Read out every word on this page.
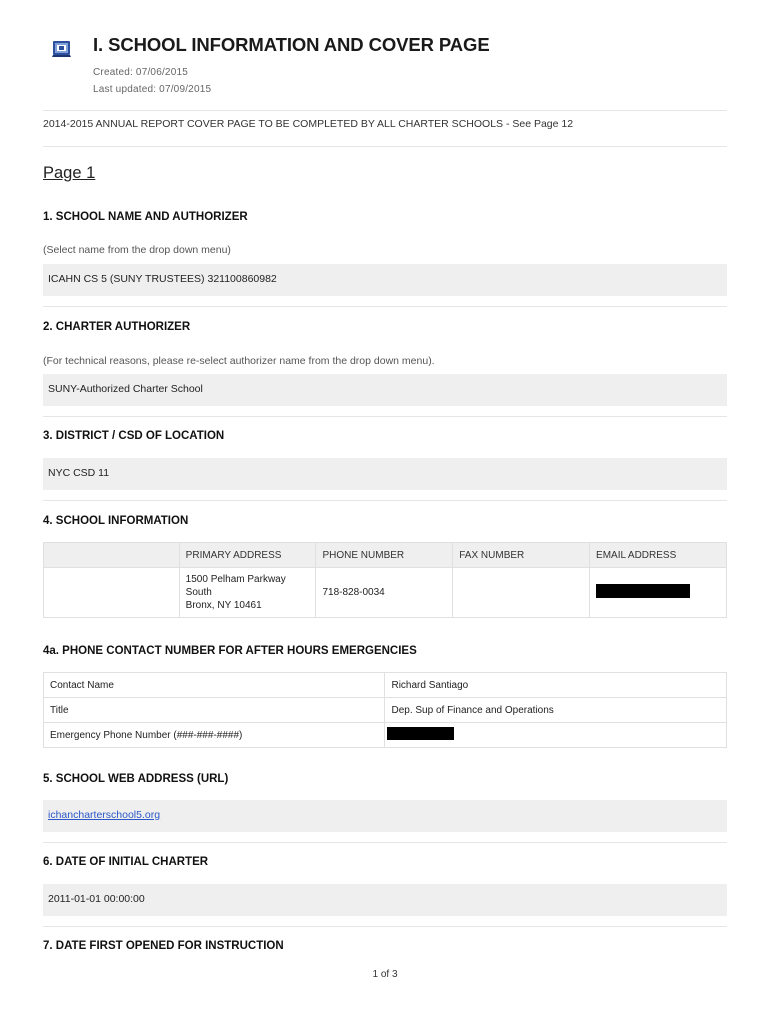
I. SCHOOL INFORMATION AND COVER PAGE
Created: 07/06/2015
Last updated: 07/09/2015
2014-2015 ANNUAL REPORT COVER PAGE TO BE COMPLETED BY ALL CHARTER SCHOOLS - See Page 12
Page 1
1. SCHOOL NAME AND AUTHORIZER
(Select name from the drop down menu)
ICAHN CS 5 (SUNY TRUSTEES) 321100860982
2. CHARTER AUTHORIZER
(For technical reasons, please re-select authorizer name from the drop down menu).
SUNY-Authorized Charter School
3. DISTRICT / CSD OF LOCATION
NYC CSD 11
4. SCHOOL INFORMATION
	PRIMARY ADDRESS	PHONE NUMBER	FAX NUMBER	EMAIL ADDRESS

	1500 Pelham Parkway
South
Bronx, NY 10461	718-828-0034		
4a. PHONE CONTACT NUMBER FOR AFTER HOURS EMERGENCIES
Contact Name	Richard Santiago
Title	Dep. Sup of Finance and Operations
Emergency Phone Number (###-###-####)	
5. SCHOOL WEB ADDRESS (URL)
ichancharterschool5.org
6. DATE OF INITIAL CHARTER
2011-01-01 00:00:00
7. DATE FIRST OPENED FOR INSTRUCTION
1 of 3
